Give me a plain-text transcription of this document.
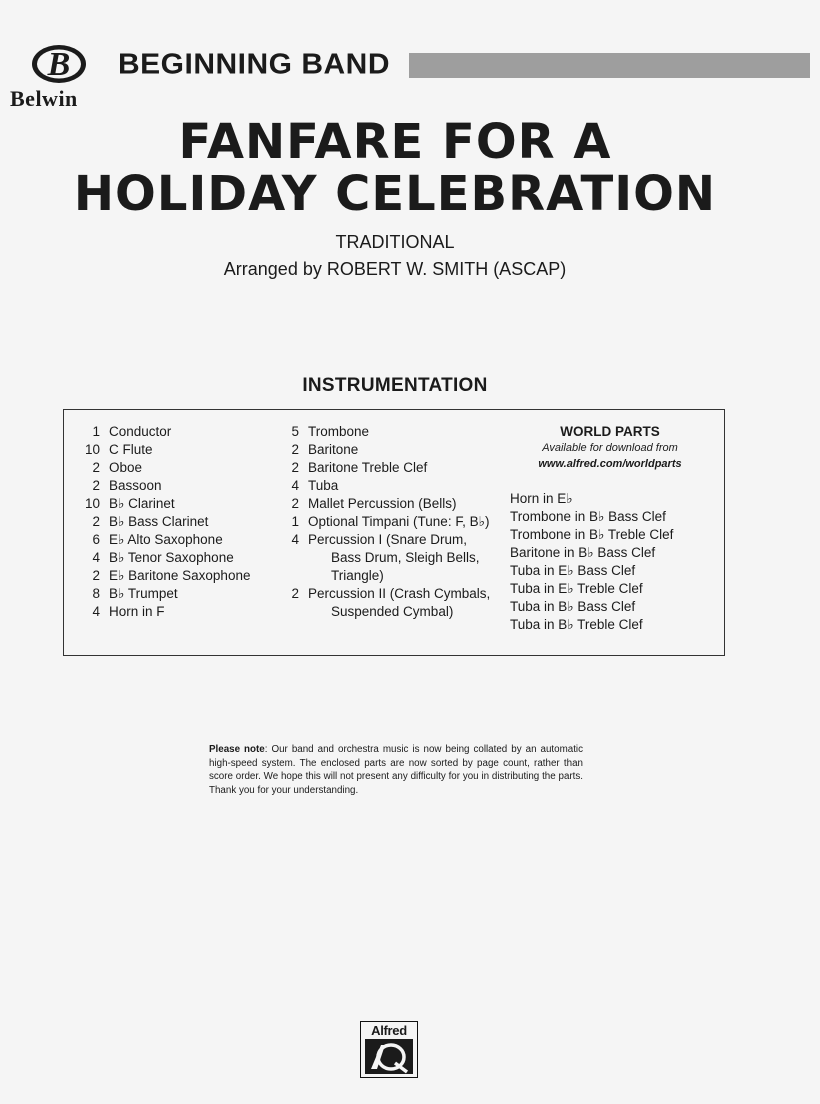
B
Belwin
BEGINNING BAND
FANFARE FOR A
HOLIDAY CELEBRATION
TRADITIONAL
Arranged by ROBERT W. SMITH (ASCAP)
INSTRUMENTATION
1 Conductor
10 C Flute
2 Oboe
2 Bassoon
10 B♭ Clarinet
2 B♭ Bass Clarinet
6 E♭ Alto Saxophone
4 B♭ Tenor Saxophone
2 E♭ Baritone Saxophone
8 B♭ Trumpet
4 Horn in F
5 Trombone
2 Baritone
2 Baritone Treble Clef
4 Tuba
2 Mallet Percussion (Bells)
1 Optional Timpani (Tune: F, B♭)
4 Percussion I (Snare Drum,
Bass Drum, Sleigh Bells,
Triangle)
2 Percussion II (Crash Cymbals,
Suspended Cymbal)
WORLD PARTS
Available for download from
www.alfred.com/worldparts
Horn in E♭
Trombone in B♭ Bass Clef
Trombone in B♭ Treble Clef
Baritone in B♭ Bass Clef
Tuba in E♭ Bass Clef
Tuba in E♭ Treble Clef
Tuba in B♭ Bass Clef
Tuba in B♭ Treble Clef
Please note: Our band and orchestra music is now being collated by an automatic high-speed system. The enclosed parts are now sorted by page count, rather than score order. We hope this will not present any difficulty for you in distributing the parts. Thank you for your understanding.
Alfred
